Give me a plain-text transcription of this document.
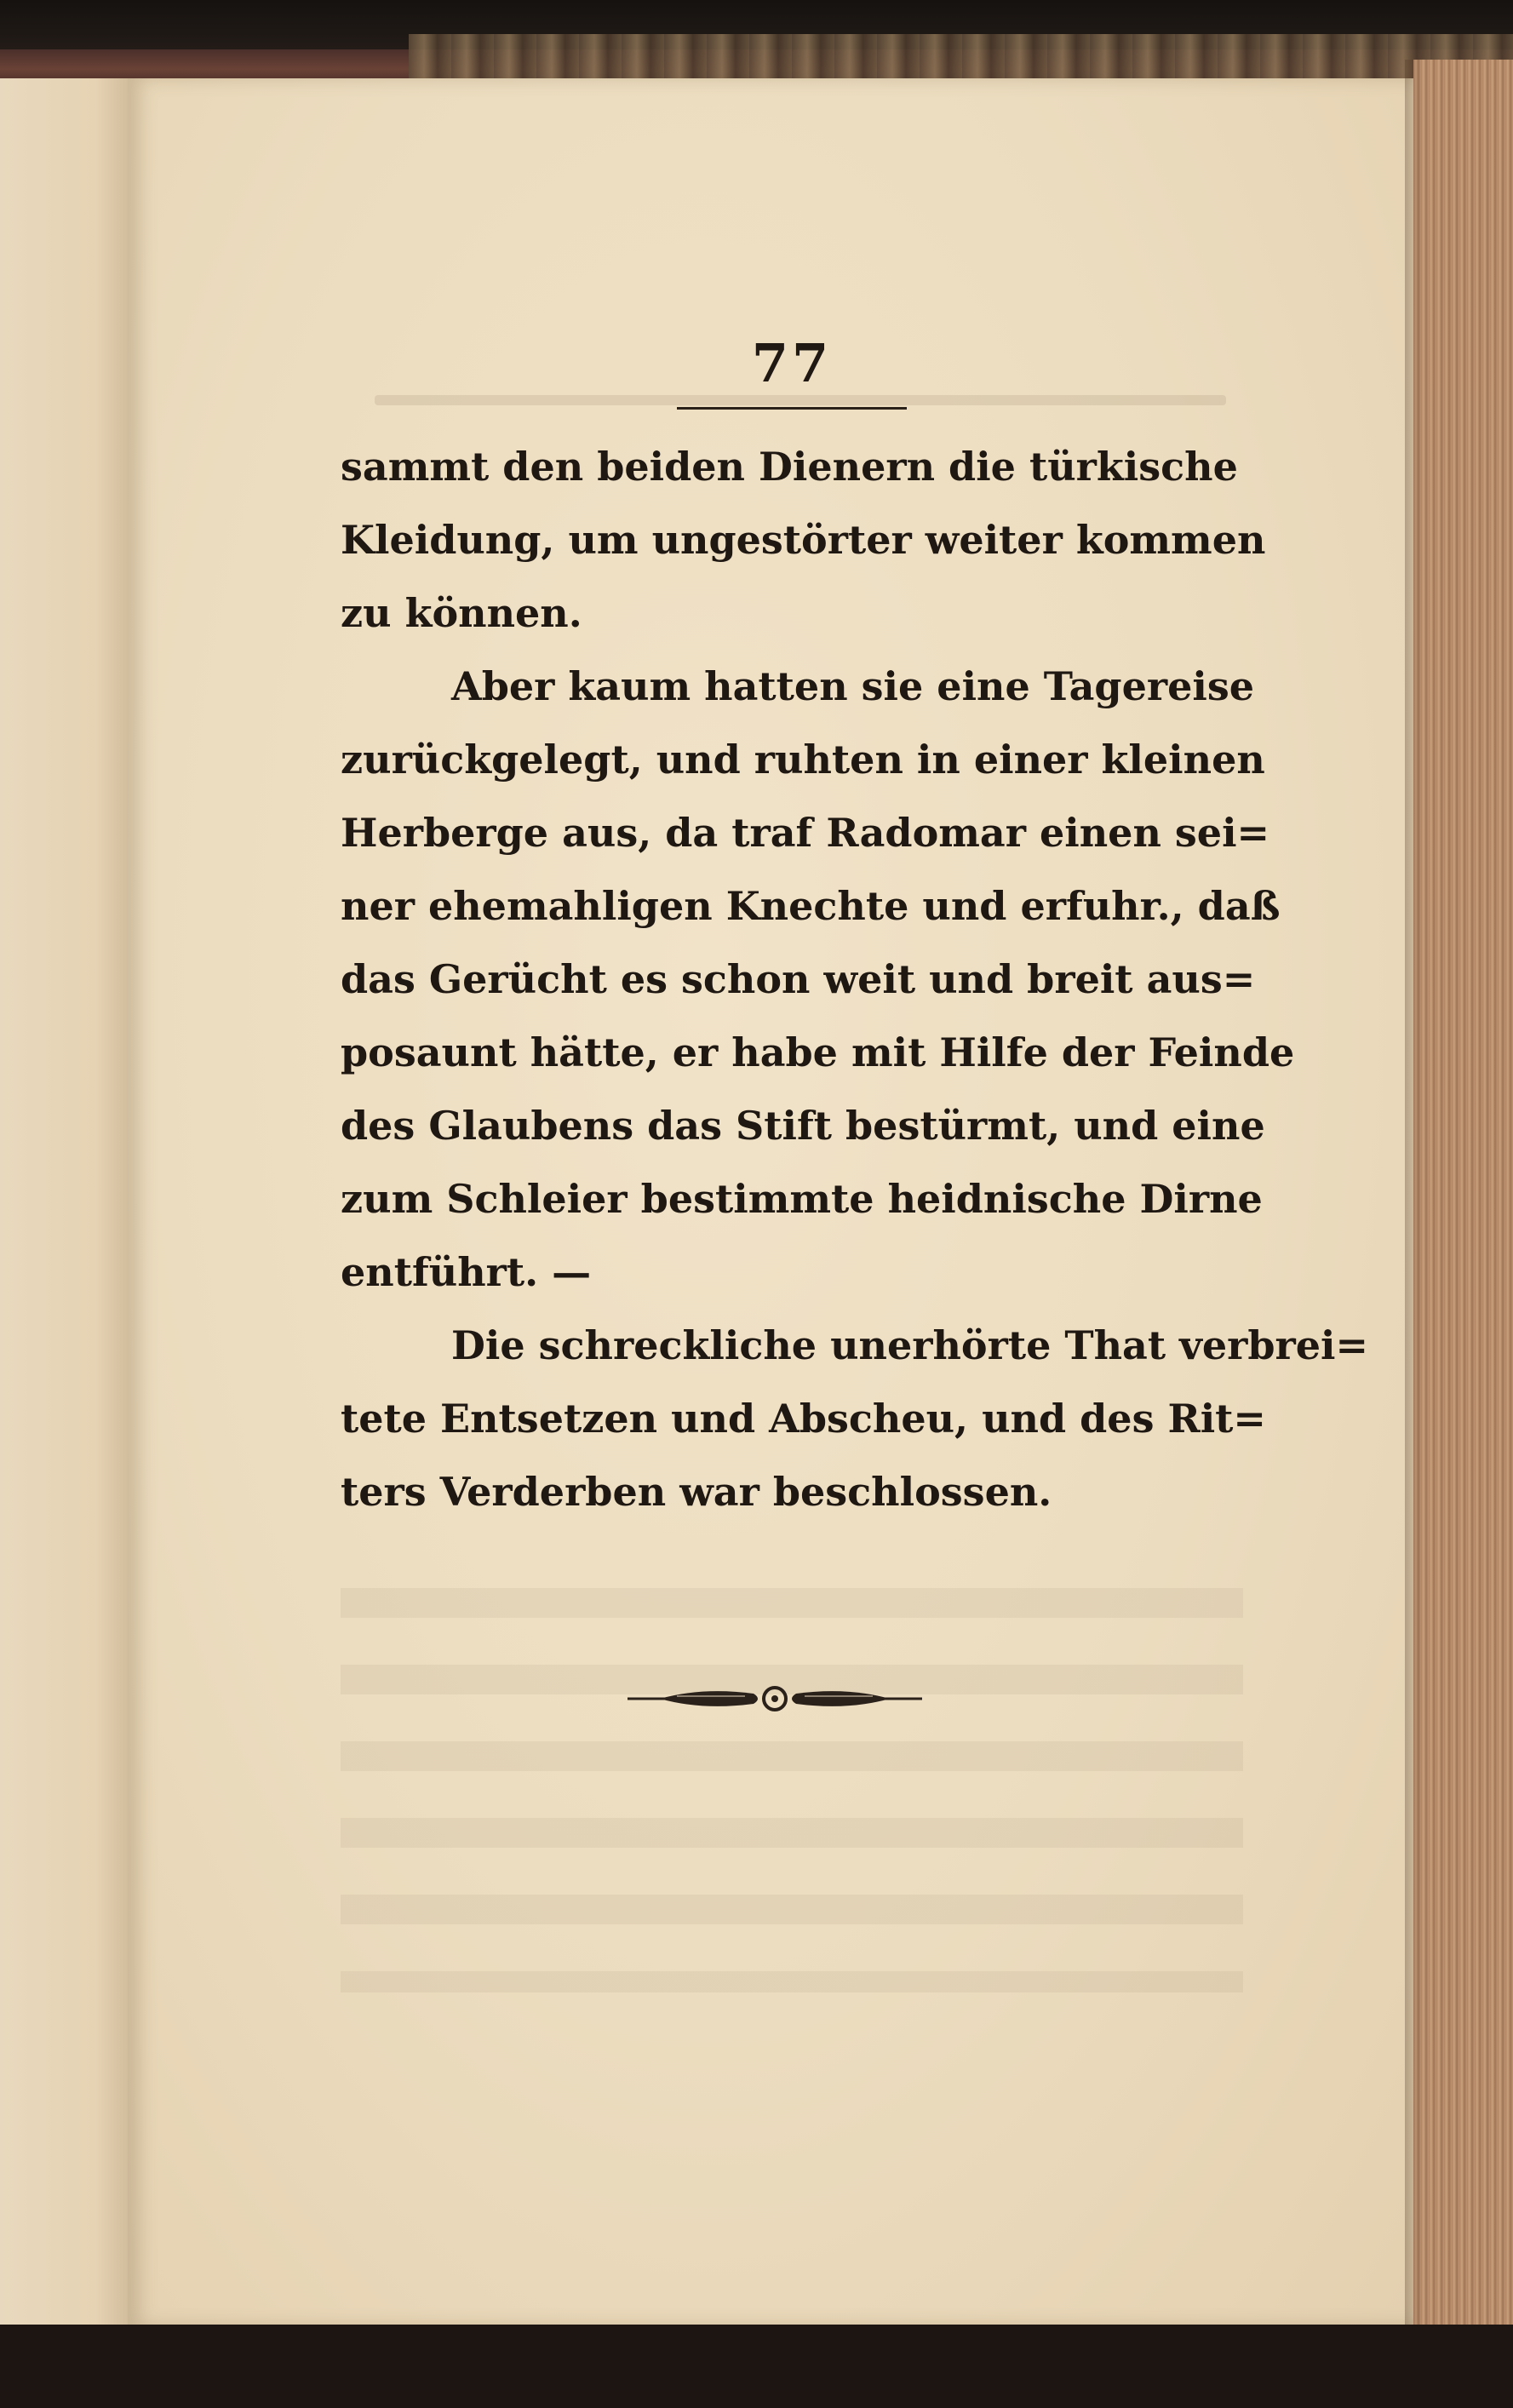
77
sammt den beiden Dienern die türkische
Kleidung, um ungestörter weiter kommen
zu können.
Aber kaum hatten sie eine Tagereise
zurückgelegt, und ruhten in einer kleinen
Herberge aus, da traf Radomar einen sei=
ner ehemahligen Knechte und erfuhr., daß
das Gerücht es schon weit und breit aus=
posaunt hätte, er habe mit Hilfe der Feinde
des Glaubens das Stift bestürmt, und eine
zum Schleier bestimmte heidnische Dirne
entführt. —
Die schreckliche unerhörte That verbrei=
tete Entsetzen und Abscheu, und des Rit=
ters Verderben war beschlossen.
